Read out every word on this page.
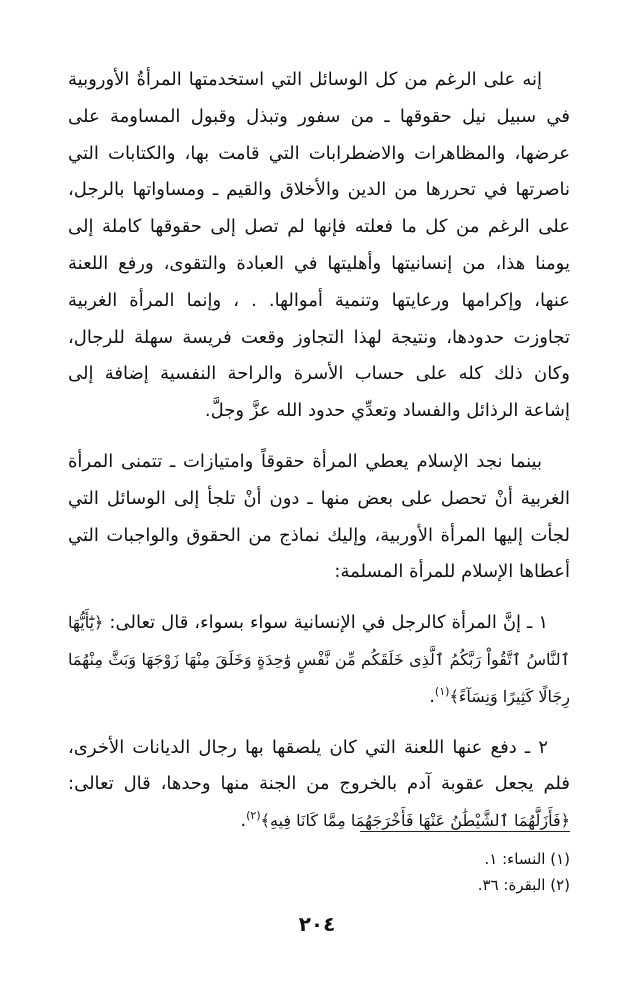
إنه على الرغم من كل الوسائل التي استخدمتها المرأةُ الأوروبية في سبيل نيل حقوقها ـ من سفور وتبذل وقبول المساومة على عرضها، والمظاهرات والاضطرابات التي قامت بها، والكتابات التي ناصرتها في تحررها من الدين والأخلاق والقيم ـ ومساواتها بالرجل، على الرغم من كل ما فعلته فإنها لم تصل إلى حقوقها كاملة إلى يومنا هذا، من إنسانيتها وأهليتها في العبادة والتقوى، ورفع اللعنة عنها، وإكرامها ورعايتها وتنمية أموالها. . ، وإنما المرأة الغربية تجاوزت حدودها، ونتيجة لهذا التجاوز وقعت فريسة سهلة للرجال، وكان ذلك كله على حساب الأسرة والراحة النفسية إضافة إلى إشاعة الرذائل والفساد وتعدِّي حدود الله عزَّ وجلَّ.

بينما نجد الإسلام يعطي المرأة حقوقاً وامتيازات ـ تتمنى المرأة الغربية أنْ تحصل على بعض منها ـ دون أنْ تلجأ إلى الوسائل التي لجأت إليها المرأة الأوربية، وإليك نماذج من الحقوق والواجبات التي أعطاها الإسلام للمرأة المسلمة:

١ ـ إنَّ المرأة كالرجل في الإنسانية سواء بسواء، قال تعالى: ﴿يَٰٓأَيُّهَا ٱلنَّاسُ ٱتَّقُواْ رَبَّكُمُ ٱلَّذِى خَلَقَكُم مِّن نَّفْسٍ وَٰحِدَةٍ وَخَلَقَ مِنْهَا زَوْجَهَا وَبَثَّ مِنْهُمَا رِجَالًا كَثِيرًا وَنِسَآءً﴾$^{(١)}$.

٢ ـ دفع عنها اللعنة التي كان يلصقها بها رجال الديانات الأخرى، فلم يجعل عقوبة آدم بالخروج من الجنة منها وحدها، قال تعالى: ﴿فَأَزَلَّهُمَا ٱلشَّيْطَٰنُ عَنْهَا فَأَخْرَجَهُمَا مِمَّا كَانَا فِيهِ﴾$^{(٢)}$.

(١) النساء: ١.
(٢) البقرة: ٣٦.
٢٠٤
